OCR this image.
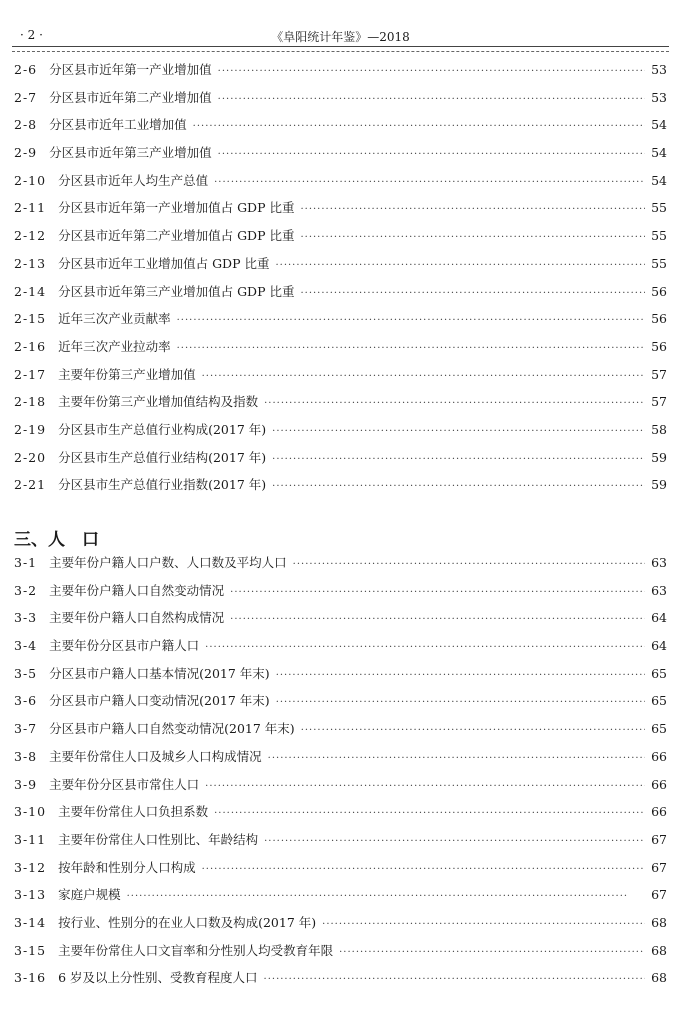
· 2 ·	《阜阳统计年鉴》—2018
2-6 分区县市近年第一产业增加值 ·····	53
2-7 分区县市近年第二产业增加值 ·····	53
2-8 分区县市近年工业增加值 ·····	54
2-9 分区县市近年第三产业增加值 ·····	54
2-10 分区县市近年人均生产总值 ·····	54
2-11 分区县市近年第一产业增加值占 GDP 比重 ·····	55
2-12 分区县市近年第二产业增加值占 GDP 比重 ·····	55
2-13 分区县市近年工业增加值占 GDP 比重 ·····	55
2-14 分区县市近年第三产业增加值占 GDP 比重 ·····	56
2-15 近年三次产业贡献率 ·····	56
2-16 近年三次产业拉动率 ·····	56
2-17 主要年份第三产业增加值 ·····	57
2-18 主要年份第三产业增加值结构及指数 ·····	57
2-19 分区县市生产总值行业构成(2017 年) ·····	58
2-20 分区县市生产总值行业结构(2017 年) ·····	59
2-21 分区县市生产总值行业指数(2017 年) ·····	59
三、人　口
3-1 主要年份户籍人口户数、人口数及平均人口 ·····	63
3-2 主要年份户籍人口自然变动情况 ·····	63
3-3 主要年份户籍人口自然构成情况 ·····	64
3-4 主要年份分区县市户籍人口 ·····	64
3-5 分区县市户籍人口基本情况(2017 年末) ·····	65
3-6 分区县市户籍人口变动情况(2017 年末) ·····	65
3-7 分区县市户籍人口自然变动情况(2017 年末) ·····	65
3-8 主要年份常住人口及城乡人口构成情况 ·····	66
3-9 主要年份分区县市常住人口 ·····	66
3-10 主要年份常住人口负担系数 ·····	66
3-11 主要年份常住人口性别比、年龄结构 ·····	67
3-12 按年龄和性别分人口构成 ·····	67
3-13 家庭户规模 ·····	67
3-14 按行业、性别分的在业人口数及构成(2017 年) ·····	68
3-15 主要年份常住人口文盲率和分性别人均受教育年限 ·····	68
3-16 6 岁及以上分性别、受教育程度人口 ·····	68
